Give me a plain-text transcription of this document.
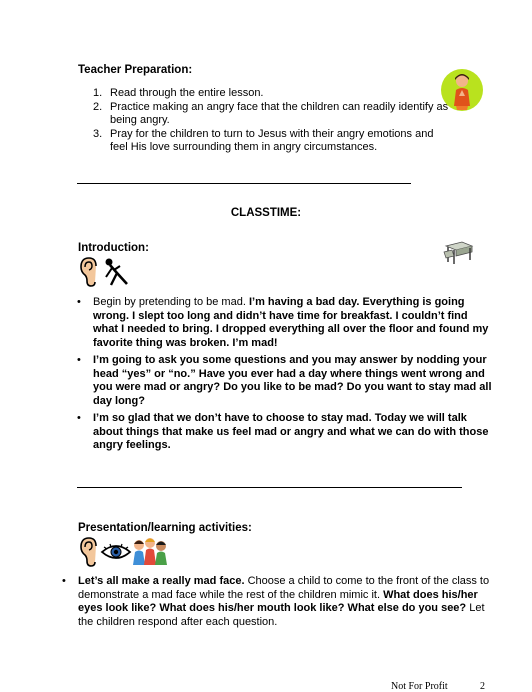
Teacher Preparation:
1. Read through the entire lesson.
2. Practice making an angry face that the children can readily identify as being angry.
3. Pray for the children to turn to Jesus with their angry emotions and feel His love surrounding them in angry circumstances.
CLASSTIME:
Introduction:
• Begin by pretending to be mad. I’m having a bad day. Everything is going wrong. I slept too long and didn’t have time for breakfast. I couldn’t find what I needed to bring. I dropped everything all over the floor and found my favorite thing was broken. I’m mad!
• I’m going to ask you some questions and you may answer by nodding your head “yes” or “no.” Have you ever had a day where things went wrong and you were mad or angry? Do you like to be mad? Do you want to stay mad all day long?
• I’m so glad that we don’t have to choose to stay mad. Today we will talk about things that make us feel mad or angry and what we can do with those angry feelings.
Presentation/learning activities:
• Let’s all make a really mad face. Choose a child to come to the front of the class to demonstrate a mad face while the rest of the children mimic it. What does his/her eyes look like? What does his/her mouth look like? What else do you see? Let the children respond after each question.
Not For Profit	2
